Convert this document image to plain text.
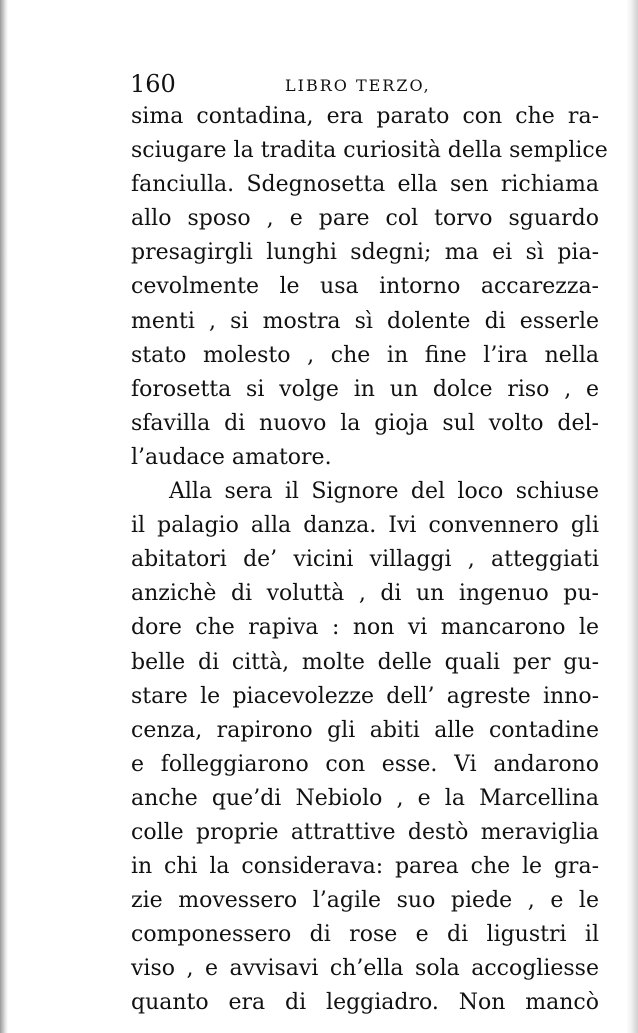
160	LIBRO TERZO,
sima contadina, era parato con che ra-
sciugare la tradita curiosità della semplice
fanciulla. Sdegnosetta ella sen richiama
allo sposo , e pare col torvo sguardo
presagirgli lunghi sdegni; ma ei sì pia-
cevolmente le usa intorno accarezza-
menti , si mostra sì dolente di esserle
stato molesto , che in fine l’ira nella
forosetta si volge in un dolce riso , e
sfavilla di nuovo la gioja sul volto del-
l’audace amatore.
Alla sera il Signore del loco schiuse
il palagio alla danza. Ivi convennero gli
abitatori de’ vicini villaggi , atteggiati
anzichè di voluttà , di un ingenuo pu-
dore che rapiva : non vi mancarono le
belle di città, molte delle quali per gu-
stare le piacevolezze dell’ agreste inno-
cenza, rapirono gli abiti alle contadine
e folleggiarono con esse. Vi andarono
anche que’di Nebiolo , e la Marcellina
colle proprie attrattive destò meraviglia
in chi la considerava: parea che le gra-
zie movessero l’agile suo piede , e le
componessero di rose e di ligustri il
viso , e avvisavi ch’ella sola accogliesse
quanto era di leggiadro. Non mancò
